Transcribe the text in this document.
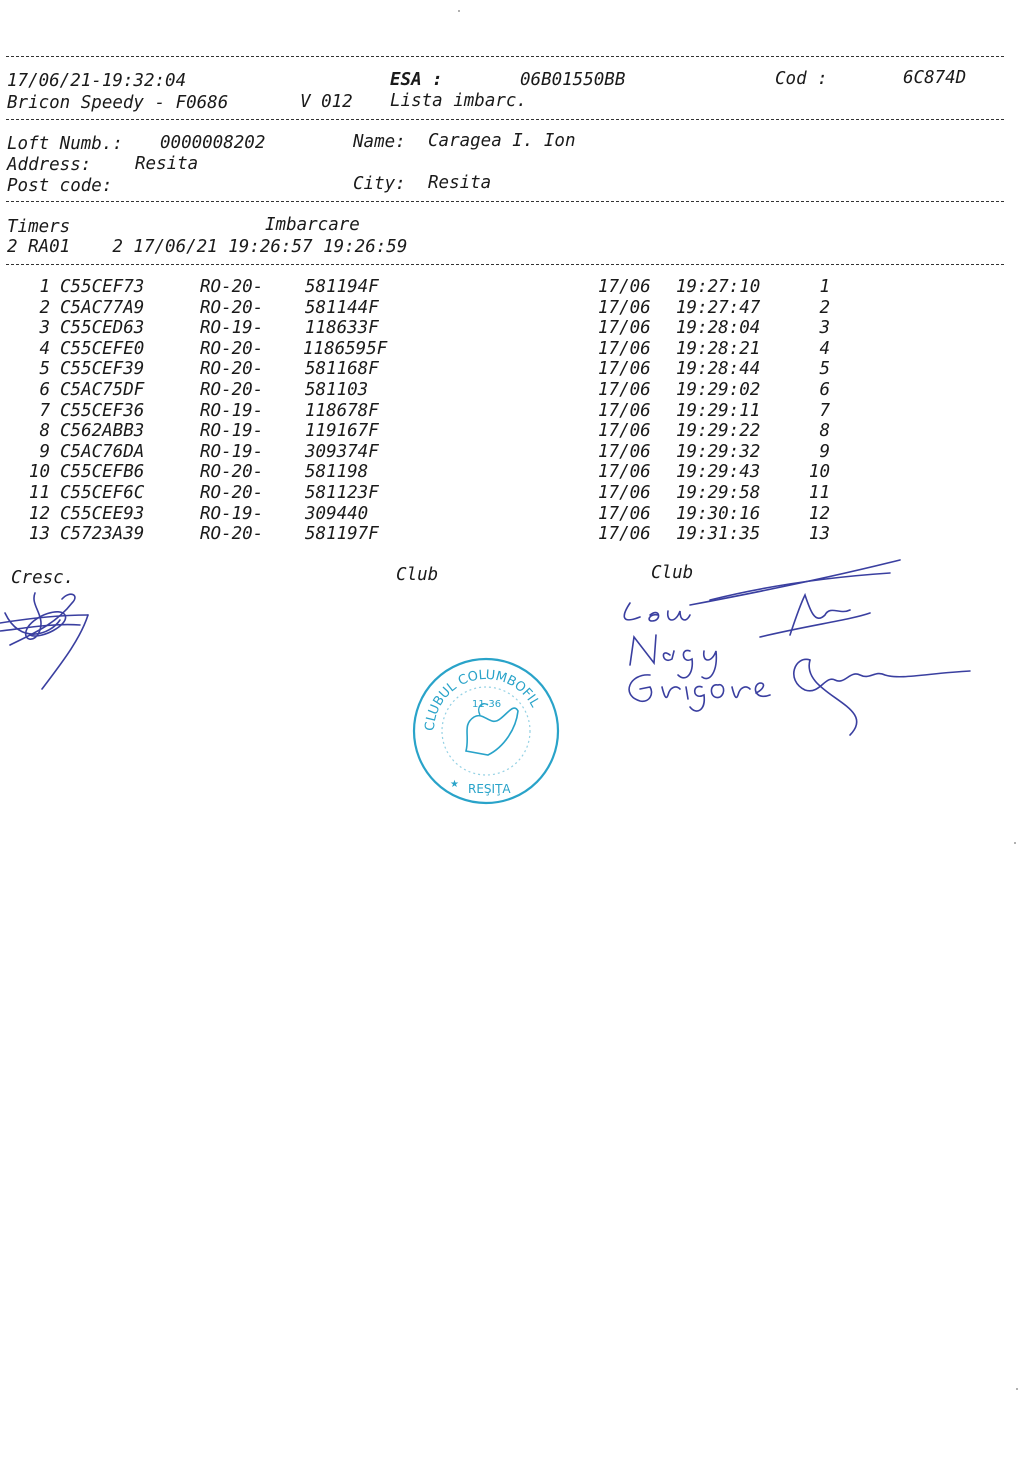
17/06/21-19:32:04	ESA :	06B01550BB	Cod :	6C874D
Bricon Speedy - F0686	V 012 Lista imbarc.
Loft Numb.: 0000008202	Name: Caragea I. Ion
Address: Resita
Post code:	City: Resita
Timers	Imbarcare
2 RA01    2 17/06/21 19:26:57 19:26:59
1 C55CEF73	RO-20- 581194F	17/06 19:27:10	1
2 C5AC77A9	RO-20- 581144F	17/06 19:27:47	2
3 C55CED63	RO-19- 118633F	17/06 19:28:04	3
4 C55CEFE0	RO-20- 1186595F	17/06 19:28:21	4
5 C55CEF39	RO-20- 581168F	17/06 19:28:44	5
6 C5AC75DF	RO-20- 581103	17/06 19:29:02	6
7 C55CEF36	RO-19- 118678F	17/06 19:29:11	7
8 C562ABB3	RO-19- 119167F	17/06 19:29:22	8
9 C5AC76DA	RO-19- 309374F	17/06 19:29:32	9
10 C55CEFB6	RO-20- 581198	17/06 19:29:43	10
11 C55CEF6C	RO-20- 581123F	17/06 19:29:58	11
12 C55CEE93	RO-19- 309440	17/06 19:30:16	12
13 C5723A39	RO-20- 581197F	17/06 19:31:35	13
Cresc.	Club	Club
CLUBUL COLUMBOFIL
11-36
REŞIŢA
★
